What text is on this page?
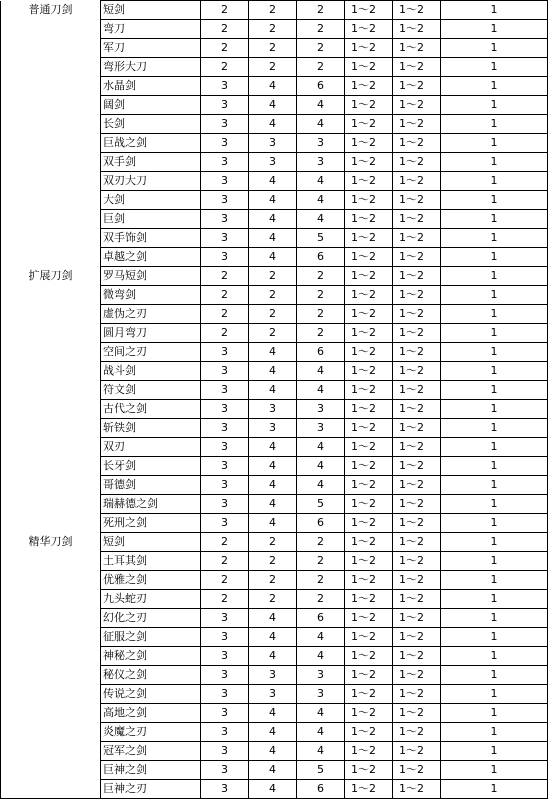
普通刀剑	短剑	2	2	2	1～2	1～2	1
	弯刀	2	2	2	1～2	1～2	1
	军刀	2	2	2	1～2	1～2	1
	弯形大刀	2	2	2	1～2	1～2	1
	水晶剑	3	4	6	1～2	1～2	1
	阔剑	3	4	4	1～2	1～2	1
	长剑	3	4	4	1～2	1～2	1
	巨战之剑	3	3	3	1～2	1～2	1
	双手剑	3	3	3	1～2	1～2	1
	双刃大刀	3	4	4	1～2	1～2	1
	大剑	3	4	4	1～2	1～2	1
	巨剑	3	4	4	1～2	1～2	1
	双手饰剑	3	4	5	1～2	1～2	1
	卓越之剑	3	4	6	1～2	1～2	1
扩展刀剑	罗马短剑	2	2	2	1～2	1～2	1
	微弯剑	2	2	2	1～2	1～2	1
	虚伪之刃	2	2	2	1～2	1～2	1
	圆月弯刀	2	2	2	1～2	1～2	1
	空间之刃	3	4	6	1～2	1～2	1
	战斗剑	3	4	4	1～2	1～2	1
	符文剑	3	4	4	1～2	1～2	1
	古代之剑	3	3	3	1～2	1～2	1
	斩铁剑	3	3	3	1～2	1～2	1
	双刃	3	4	4	1～2	1～2	1
	长牙剑	3	4	4	1～2	1～2	1
	哥德剑	3	4	4	1～2	1～2	1
	瑞赫德之剑	3	4	5	1～2	1～2	1
	死刑之剑	3	4	6	1～2	1～2	1
精华刀剑	短剑	2	2	2	1～2	1～2	1
	土耳其剑	2	2	2	1～2	1～2	1
	优雅之剑	2	2	2	1～2	1～2	1
	九头蛇刃	2	2	2	1～2	1～2	1
	幻化之刃	3	4	6	1～2	1～2	1
	征服之剑	3	4	4	1～2	1～2	1
	神秘之剑	3	4	4	1～2	1～2	1
	秘仪之剑	3	3	3	1～2	1～2	1
	传说之剑	3	3	3	1～2	1～2	1
	高地之剑	3	4	4	1～2	1～2	1
	炎魔之刃	3	4	4	1～2	1～2	1
	冠军之剑	3	4	4	1～2	1～2	1
	巨神之剑	3	4	5	1～2	1～2	1
	巨神之刃	3	4	6	1～2	1～2	1
